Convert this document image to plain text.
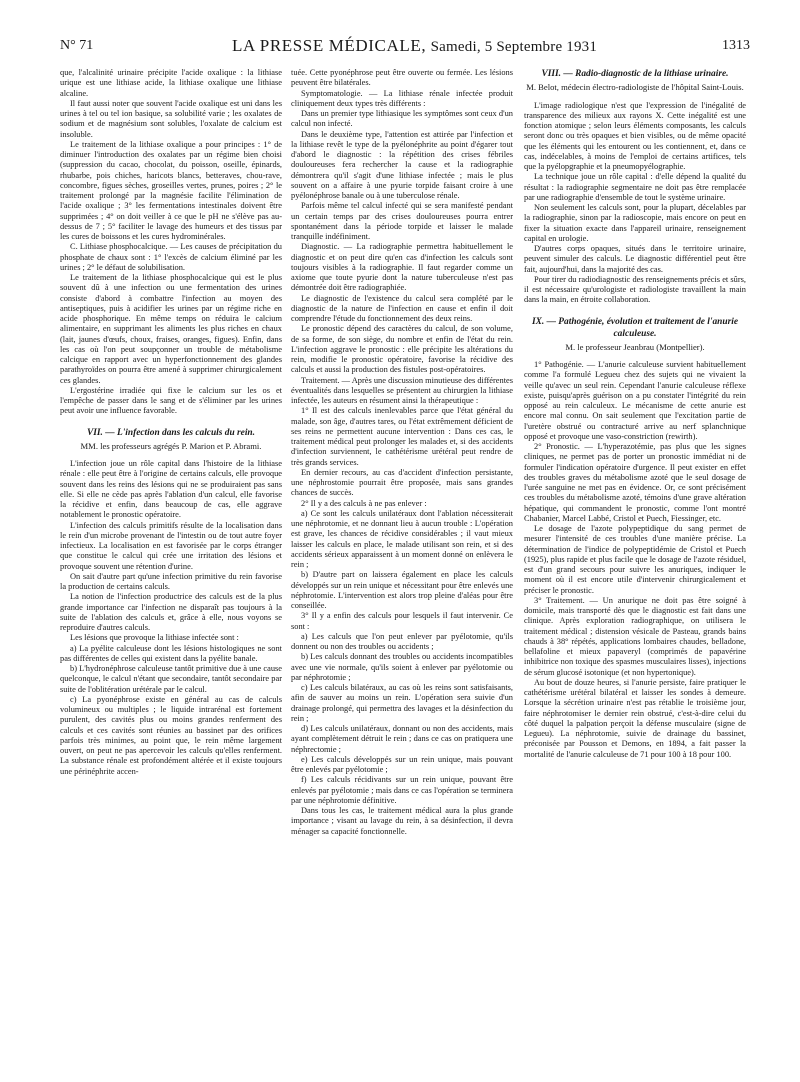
N° 71	LA PRESSE MÉDICALE, Samedi, 5 Septembre 1931	1313

que, l'alcalinité urinaire précipite l'acide oxalique : la lithiase urique est une lithiase acide, la lithiase oxalique une lithiase alcaline.

Il faut aussi noter que souvent l'acide oxalique est uni dans les urines à tel ou tel ion basique, sa solubilité varie ; les oxalates de sodium et de magnésium sont solubles, l'oxalate de calcium est insoluble.

Le traitement de la lithiase oxalique a pour principes : 1° de diminuer l'introduction des oxalates par un régime bien choisi (suppression du cacao, chocolat, du poisson, oseille, épinards, rhubarbe, pois chiches, haricots blancs, betteraves, chou-rave, concombre, figues sèches, groseilles vertes, prunes, poires ; 2° le traitement prolongé par la magnésie facilite l'élimination de l'acide oxalique ; 3° les fermentations intestinales doivent être supprimées ; 4° on doit veiller à ce que le pH ne s'élève pas au-dessus de 7 ; 5° faciliter le lavage des humeurs et des tissus par les cures de boissons et les cures hydrominérales.

C. Lithiase phosphocalcique. — Les causes de précipitation du phosphate de chaux sont : 1° l'excès de calcium éliminé par les urines ; 2° le défaut de solubilisation.

Le traitement de la lithiase phosphocalcique qui est le plus souvent dû à une infection ou une fermentation des urines consiste d'abord à combattre l'infection au moyen des antiseptiques, puis à acidifier les urines par un régime riche en acide phosphorique. En même temps on réduira le calcium alimentaire, en supprimant les aliments les plus riches en chaux (lait, jaunes d'œufs, choux, fraises, oranges, figues). Enfin, dans les cas où l'on peut soupçonner un trouble de métabolisme calcique en rapport avec un hyperfonctionnement des glandes parathyroïdes on pourra être amené à supprimer chirurgicalement ces glandes.

L'ergostérine irradiée qui fixe le calcium sur les os et l'empêche de passer dans le sang et de s'éliminer par les urines peut avoir une influence favorable.

VII. — L'infection dans les calculs du rein.
MM. les professeurs agrégés P. Marion et P. Abrami.

L'infection joue un rôle capital dans l'histoire de la lithiase rénale : elle peut être à l'origine de certains calculs, elle provoque souvent dans les reins des lésions qui ne se produiraient pas sans elle. Si elle ne cède pas après l'ablation d'un calcul, elle favorise la récidive et enfin, dans beaucoup de cas, elle aggrave notablement le pronostic opératoire.

L'infection des calculs primitifs résulte de la localisation dans le rein d'un microbe provenant de l'intestin ou de tout autre foyer infectieux. La localisation en est favorisée par le corps étranger que constitue le calcul qui crée une irritation des lésions et provoque souvent une rétention d'urine.

On sait d'autre part qu'une infection primitive du rein favorise la production de certains calculs.

La notion de l'infection productrice des calculs est de la plus grande importance car l'infection ne disparaît pas toujours à la suite de l'ablation des calculs et, grâce à elle, nous voyons se reproduire d'autres calculs.

Les lésions que provoque la lithiase infectée sont :

a) La pyélite calculeuse dont les lésions histologiques ne sont pas différentes de celles qui existent dans la pyélite banale.

b) L'hydronéphrose calculeuse tantôt primitive due à une cause quelconque, le calcul n'étant que secondaire, tantôt secondaire par suite de l'oblitération urétérale par le calcul.

c) La pyonéphrose existe en général au cas de calculs volumineux ou multiples ; le liquide intrarénal est fortement purulent, des cavités plus ou moins grandes renferment des calculs et ces cavités sont réunies au bassinet par des orifices parfois très minimes, au point que, le rein même largement ouvert, on peut ne pas apercevoir les calculs qu'elles renferment. La substance rénale est profondément altérée et il existe toujours une périnéphrite accen-

tuée. Cette pyonéphrose peut être ouverte ou fermée. Les lésions peuvent être bilatérales.

Symptomatologie. — La lithiase rénale infectée produit cliniquement deux types très différents :

Dans un premier type lithiasique les symptômes sont ceux d'un calcul non infecté.

Dans le deuxième type, l'attention est attirée par l'infection et la lithiase revêt le type de la pyélonéphrite au point d'égarer tout d'abord le diagnostic : la répétition des crises fébriles douloureuses fera rechercher la cause et la radiographie démontrera qu'il s'agit d'une lithiase infectée ; mais le plus souvent on a affaire à une pyurie torpide faisant croire à une pyélonéphrose banale ou à une tuberculose rénale.

Parfois même tel calcul infecté qui se sera manifesté pendant un certain temps par des crises douloureuses pourra entrer spontanément dans la période torpide et laisser le malade tranquille indéfiniment.

Diagnostic. — La radiographie permettra habituellement le diagnostic et on peut dire qu'en cas d'infection les calculs sont toujours visibles à la radiographie. Il faut regarder comme un axiome que toute pyurie dont la nature tuberculeuse n'est pas démontrée doit être radiographiée.

Le diagnostic de l'existence du calcul sera complété par le diagnostic de la nature de l'infection en cause et enfin il doit comprendre l'étude du fonctionnement des deux reins.

Le pronostic dépend des caractères du calcul, de son volume, de sa forme, de son siège, du nombre et enfin de l'état du rein. L'infection aggrave le pronostic : elle précipite les altérations du rein, modifie le pronostic opératoire, favorise la récidive des calculs et aussi la production des fistules post-opératoires.

Traitement. — Après une discussion minutieuse des différentes éventualités dans lesquelles se présentent au chirurgien la lithiase infectée, les auteurs en résument ainsi la thérapeutique :

1° Il est des calculs inenlevables parce que l'état général du malade, son âge, d'autres tares, ou l'état extrêmement déficient de ses reins ne permettent aucune intervention : Dans ces cas, le traitement médical peut prolonger les malades et, si des accidents d'infection surviennent, le cathétérisme urétéral peut rendre de très grands services.

En dernier recours, au cas d'accident d'infection persistante, une néphrostomie pourrait être proposée, mais sans grandes chances de succès.

2° Il y a des calculs à ne pas enlever :

a) Ce sont les calculs unilatéraux dont l'ablation nécessiterait une néphrotomie, et ne donnant lieu à aucun trouble : L'opération est grave, les chances de récidive considérables ; il vaut mieux laisser les calculs en place, le malade utilisant son rein, et si des accidents sérieux apparaissent à un moment donné on enlèvera le rein ;

b) D'autre part on laissera également en place les calculs développés sur un rein unique et nécessitant pour être enlevés une néphrotomie. L'intervention est alors trop pleine d'aléas pour être conseillée.

3° Il y a enfin des calculs pour lesquels il faut intervenir. Ce sont :

a) Les calculs que l'on peut enlever par pyélotomie, qu'ils donnent ou non des troubles ou accidents ;

b) Les calculs donnant des troubles ou accidents incompatibles avec une vie normale, qu'ils soient à enlever par pyélotomie ou par néphrotomie ;

c) Les calculs bilatéraux, au cas où les reins sont satisfaisants, afin de sauver au moins un rein. L'opération sera suivie d'un drainage prolongé, qui permettra des lavages et la désinfection du rein ;

d) Les calculs unilatéraux, donnant ou non des accidents, mais ayant complètement détruit le rein ; dans ce cas on pratiquera une néphrectomie ;

e) Les calculs développés sur un rein unique, mais pouvant être enlevés par pyélotomie ;

f) Les calculs récidivants sur un rein unique, pouvant être enlevés par pyélotomie ; mais dans ce cas l'opération se terminera par une néphrotomie définitive.

Dans tous les cas, le traitement médical aura la plus grande importance ; visant au lavage du rein, à sa désinfection, il devra ménager sa capacité fonctionnelle.

VIII. — Radio-diagnostic de la lithiase urinaire.
M. Belot, médecin électro-radiologiste de l'hôpital Saint-Louis.

L'image radiologique n'est que l'expression de l'inégalité de transparence des milieux aux rayons X. Cette inégalité est une fonction atomique ; selon leurs éléments composants, les calculs seront donc ou très opaques et bien visibles, ou de même opacité que les éléments qui les entourent ou les contiennent, et, dans ce cas, indécelables, à moins de l'emploi de certains artifices, tels que la pyélopgraphie et la pneumopyélographie.

La technique joue un rôle capital : d'elle dépend la qualité du résultat : la radiographie segmentaire ne doit pas être remplacée par une radiographie d'ensemble de tout le système urinaire.

Non seulement les calculs sont, pour la plupart, décelables par la radiographie, sinon par la radioscopie, mais encore on peut en fixer la situation exacte dans l'appareil urinaire, renseignement capital en urologie.

D'autres corps opaques, situés dans le territoire urinaire, peuvent simuler des calculs. Le diagnostic différentiel peut être fait, aujourd'hui, dans la majorité des cas.

Pour tirer du radiodiagnostic des renseignements précis et sûrs, il est nécessaire qu'urologiste et radiologiste travaillent la main dans la main, en étroite collaboration.

IX. — Pathogénie, évolution et traitement de l'anurie calculeuse.
M. le professeur Jeanbrau (Montpellier).

1° Pathogénie. — L'anurie calculeuse survient habituellement comme l'a formulé Legueu chez des sujets qui ne vivaient la veille qu'avec un seul rein. Cependant l'anurie calculeuse réflexe existe, puisqu'après guérison on a pu constater l'intégrité du rein opposé au rein calculeux. Le mécanisme de cette anurie est encore mal connu. On sait seulement que l'excitation partie de l'uretère obstrué ou contracturé arrive au nerf splanchnique opposé et provoque une vaso-constriction (rewirth).

2° Pronostic. — L'hyperazotémie, pas plus que les signes cliniques, ne permet pas de porter un pronostic immédiat ni de formuler l'indication opératoire d'urgence. Il peut exister en effet des troubles graves du métabolisme azoté que le seul dosage de l'urée sanguine ne met pas en évidence. Or, ce sont précisément ces troubles du métabolisme azoté, témoins d'une grave altération hépatique, qui commandent le pronostic, comme l'ont montré Chabanier, Marcel Labbé, Cristol et Puech, Fiessinger, etc.

Le dosage de l'azote polypeptidique du sang permet de mesurer l'intensité de ces troubles d'une manière précise. La détermination de l'indice de polypeptidémie de Cristol et Puech (1925), plus rapide et plus facile que le dosage de l'azote résiduel, est d'un grand secours pour suivre les anuriques, indiquer le moment où il est encore utile d'intervenir chirurgicalement et préciser le pronostic.

3° Traitement. — Un anurique ne doit pas être soigné à domicile, mais transporté dès que le diagnostic est fait dans une clinique. Après exploration radiographique, on utilisera le traitement médical ; distension vésicale de Pasteau, grands bains chauds à 38° répétés, applications lombaires chaudes, belladone, bellafoline et mieux papaveryl (comprimés de papavérine inhibitrice non toxique des spasmes musculaires lisses), injections de sérum glucosé isotonique (et non hypertonique).

Au bout de douze heures, si l'anurie persiste, faire pratiquer le cathétérisme urétéral bilatéral et laisser les sondes à demeure. Lorsque la sécrétion urinaire n'est pas rétablie le troisième jour, faire néphrotomiser le dernier rein obstrué, c'est-à-dire celui du côté duquel la palpation perçoit la défense musculaire (signe de Legueu). La néphrotomie, suivie de drainage du bassinet, préconisée par Pousson et Demons, en 1894, a fait passer la mortalité de l'anurie calculeuse de 71 pour 100 à 18 pour 100.
